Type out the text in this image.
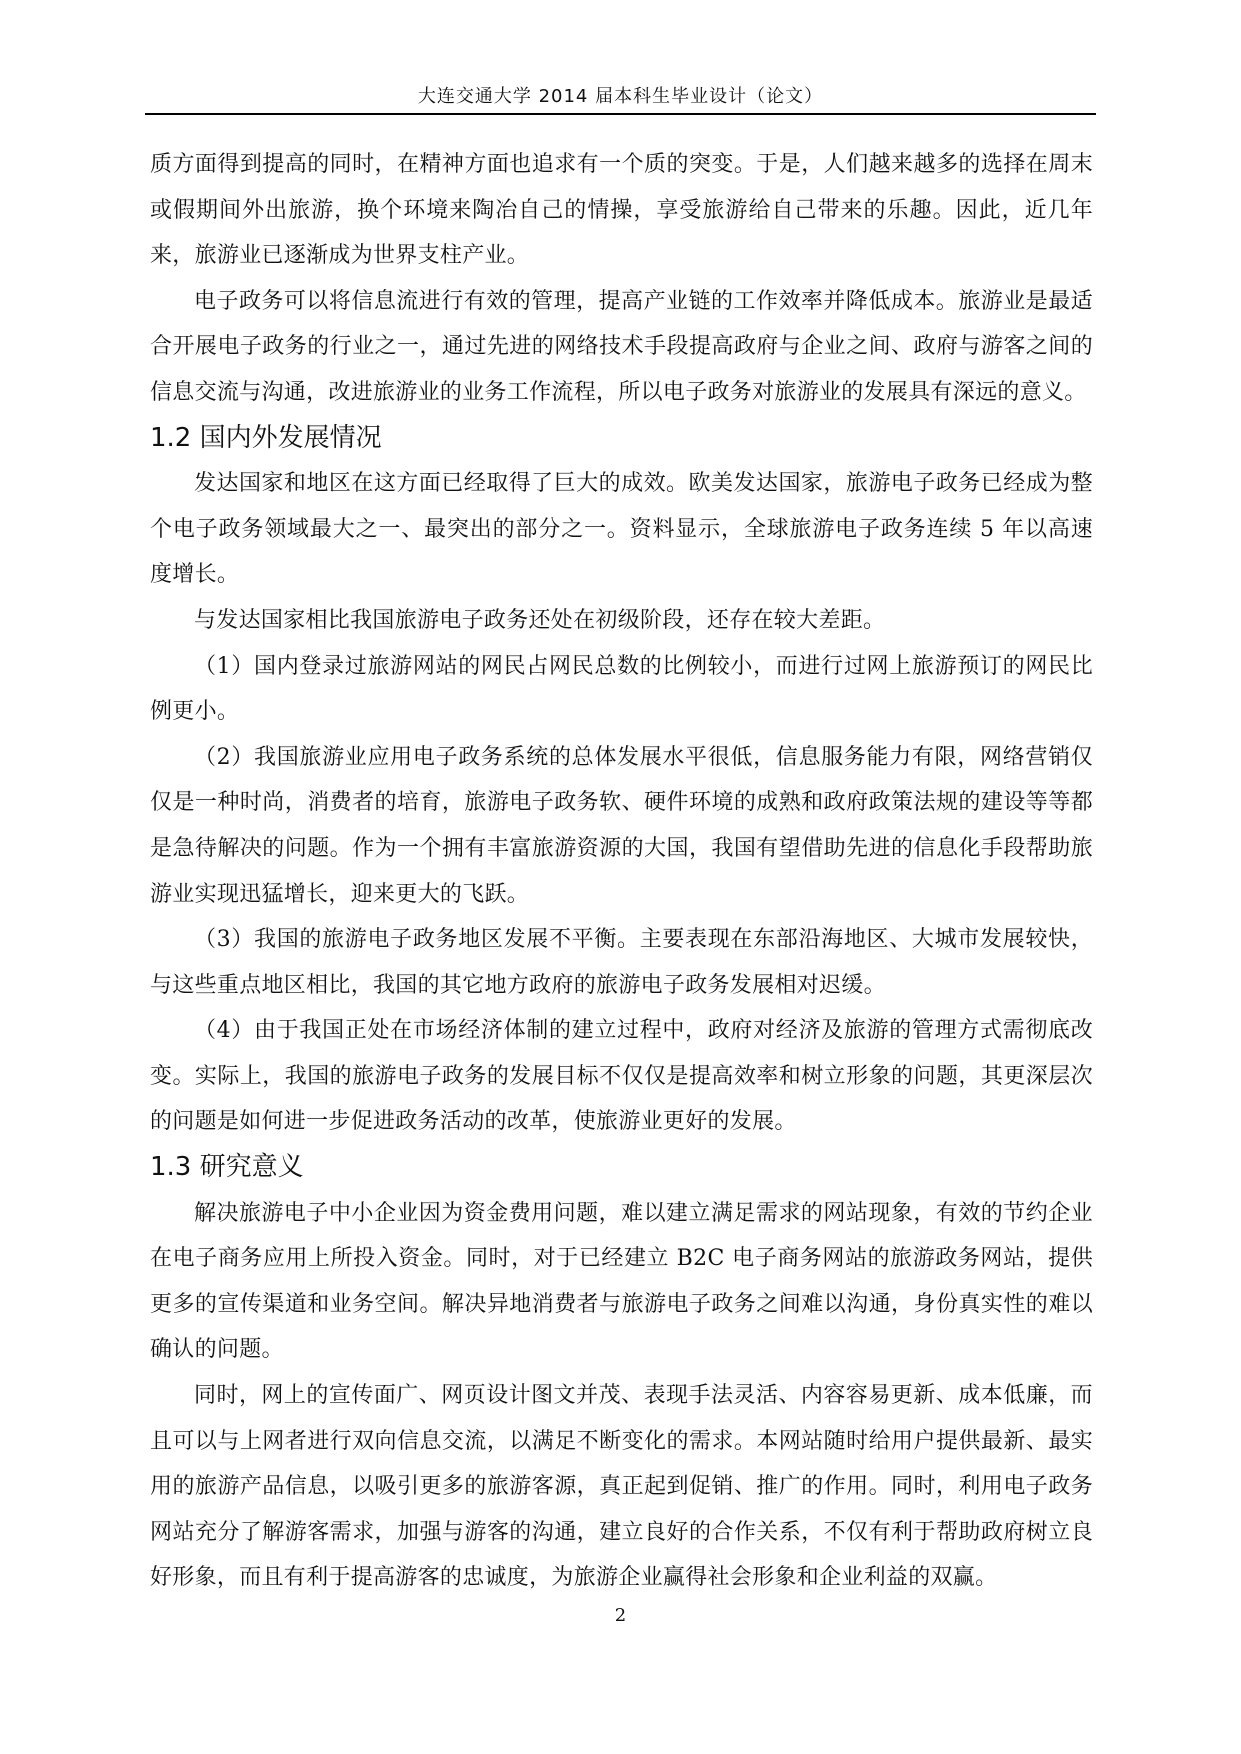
大连交通大学 2014 届本科生毕业设计（论文）

质方面得到提高的同时，在精神方面也追求有一个质的突变。于是，人们越来越多的选择在周末或假期间外出旅游，换个环境来陶冶自己的情操，享受旅游给自己带来的乐趣。因此，近几年来，旅游业已逐渐成为世界支柱产业。

电子政务可以将信息流进行有效的管理，提高产业链的工作效率并降低成本。旅游业是最适合开展电子政务的行业之一，通过先进的网络技术手段提高政府与企业之间、政府与游客之间的信息交流与沟通，改进旅游业的业务工作流程，所以电子政务对旅游业的发展具有深远的意义。

1.2 国内外发展情况

发达国家和地区在这方面已经取得了巨大的成效。欧美发达国家，旅游电子政务已经成为整个电子政务领域最大之一、最突出的部分之一。资料显示，全球旅游电子政务连续 5 年以高速度增长。

与发达国家相比我国旅游电子政务还处在初级阶段，还存在较大差距。

（1）国内登录过旅游网站的网民占网民总数的比例较小，而进行过网上旅游预订的网民比例更小。

（2）我国旅游业应用电子政务系统的总体发展水平很低，信息服务能力有限，网络营销仅仅是一种时尚，消费者的培育，旅游电子政务软、硬件环境的成熟和政府政策法规的建设等等都是急待解决的问题。作为一个拥有丰富旅游资源的大国，我国有望借助先进的信息化手段帮助旅游业实现迅猛增长，迎来更大的飞跃。

（3）我国的旅游电子政务地区发展不平衡。主要表现在东部沿海地区、大城市发展较快，与这些重点地区相比，我国的其它地方政府的旅游电子政务发展相对迟缓。

（4）由于我国正处在市场经济体制的建立过程中，政府对经济及旅游的管理方式需彻底改变。实际上，我国的旅游电子政务的发展目标不仅仅是提高效率和树立形象的问题，其更深层次的问题是如何进一步促进政务活动的改革，使旅游业更好的发展。

1.3 研究意义

解决旅游电子中小企业因为资金费用问题，难以建立满足需求的网站现象，有效的节约企业在电子商务应用上所投入资金。同时，对于已经建立 B2C 电子商务网站的旅游政务网站，提供更多的宣传渠道和业务空间。解决异地消费者与旅游电子政务之间难以沟通，身份真实性的难以确认的问题。

同时，网上的宣传面广、网页设计图文并茂、表现手法灵活、内容容易更新、成本低廉，而且可以与上网者进行双向信息交流，以满足不断变化的需求。本网站随时给用户提供最新、最实用的旅游产品信息，以吸引更多的旅游客源，真正起到促销、推广的作用。同时，利用电子政务网站充分了解游客需求，加强与游客的沟通，建立良好的合作关系，不仅有利于帮助政府树立良好形象，而且有利于提高游客的忠诚度，为旅游企业赢得社会形象和企业利益的双赢。

2
